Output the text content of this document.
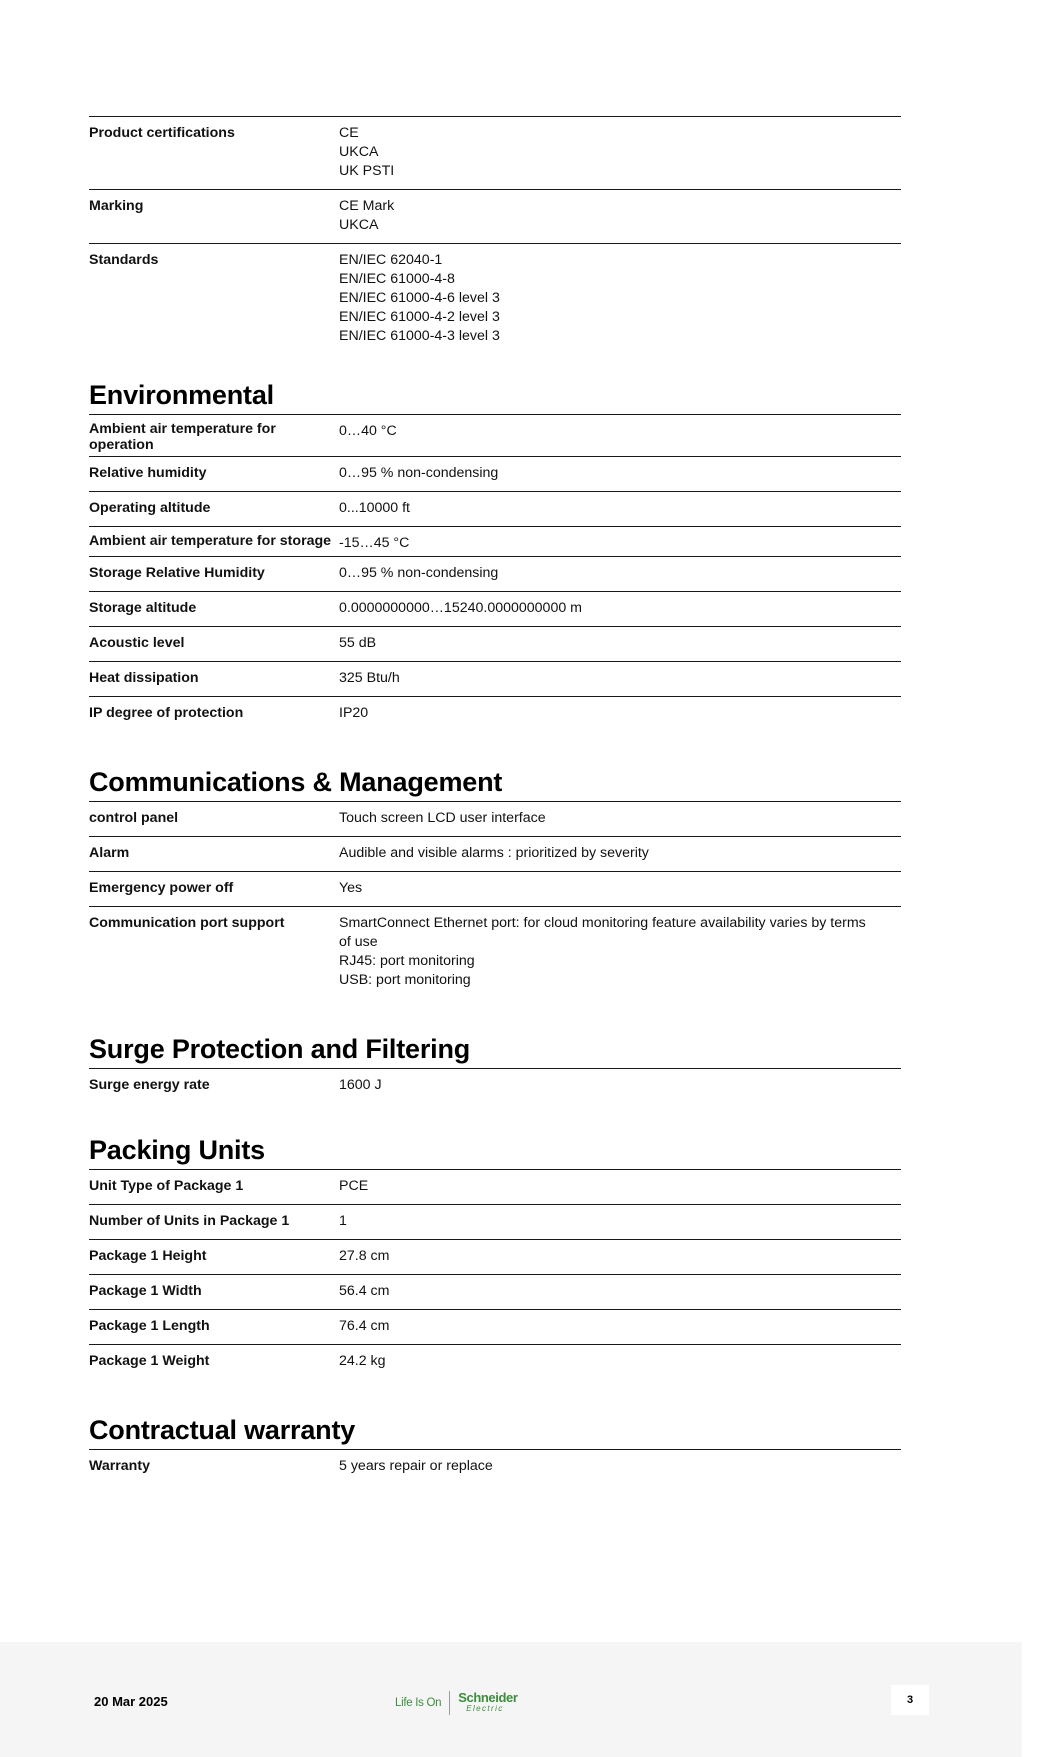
Product certifications	CE
UKCA
UK PSTI

Marking	CE Mark
UKCA

Standards	EN/IEC 62040-1
EN/IEC 61000-4-8
EN/IEC 61000-4-6 level 3
EN/IEC 61000-4-2 level 3
EN/IEC 61000-4-3 level 3
Environmental
Ambient air temperature for operation	0…40 °C

Relative humidity	0…95 % non-condensing

Operating altitude	0...10000 ft

Ambient air temperature for storage	-15…45 °C

Storage Relative Humidity	0…95 % non-condensing

Storage altitude	0.0000000000…15240.0000000000 m

Acoustic level	55 dB

Heat dissipation	325 Btu/h

IP degree of protection	IP20
Communications & Management
control panel	Touch screen LCD user interface

Alarm	Audible and visible alarms : prioritized by severity

Emergency power off	Yes

Communication port support	SmartConnect Ethernet port: for cloud monitoring feature availability varies by terms
of use
RJ45: port monitoring
USB: port monitoring
Surge Protection and Filtering
Surge energy rate	1600 J
Packing Units
Unit Type of Package 1	PCE

Number of Units in Package 1	1

Package 1 Height	27.8 cm

Package 1 Width	56.4 cm

Package 1 Length	76.4 cm

Package 1 Weight	24.2 kg
Contractual warranty
Warranty	5 years repair or replace
20 Mar 2025	Life Is On Schneider
Electric
3
